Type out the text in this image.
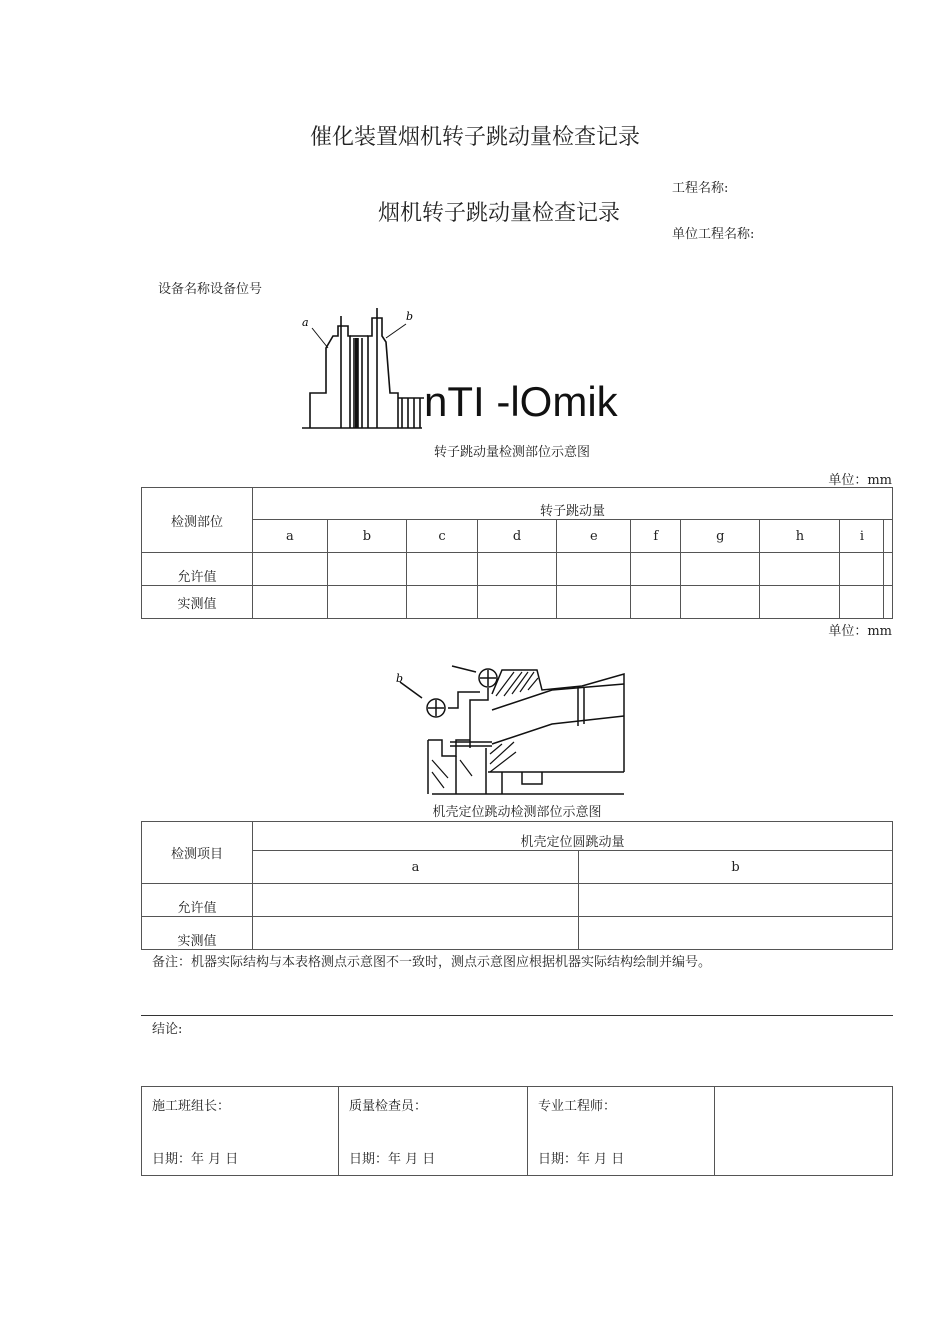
催化装置烟机转子跳动量检查记录
工程名称:
烟机转子跳动量检查记录
单位工程名称:
设备名称设备位号
a	b
nTI -lOmik
转子跳动量检测部位示意图
单位：mm
检测部位	转子跳动量									
	a	b	c	d	e	f	g	h	i	
允许值										
实测值										
单位：mm
b
机壳定位跳动检测部位示意图
检测项目	机壳定位圆跳动量	
	a	b
允许值		
实测值		
备注：机器实际结构与本表格测点示意图不一致时，测点示意图应根据机器实际结构绘制并编号。
结论:
施工班组长：
日期：年 月 日

质量检查员：
日期：年 月 日

专业工程师：
日期：年 月 日
